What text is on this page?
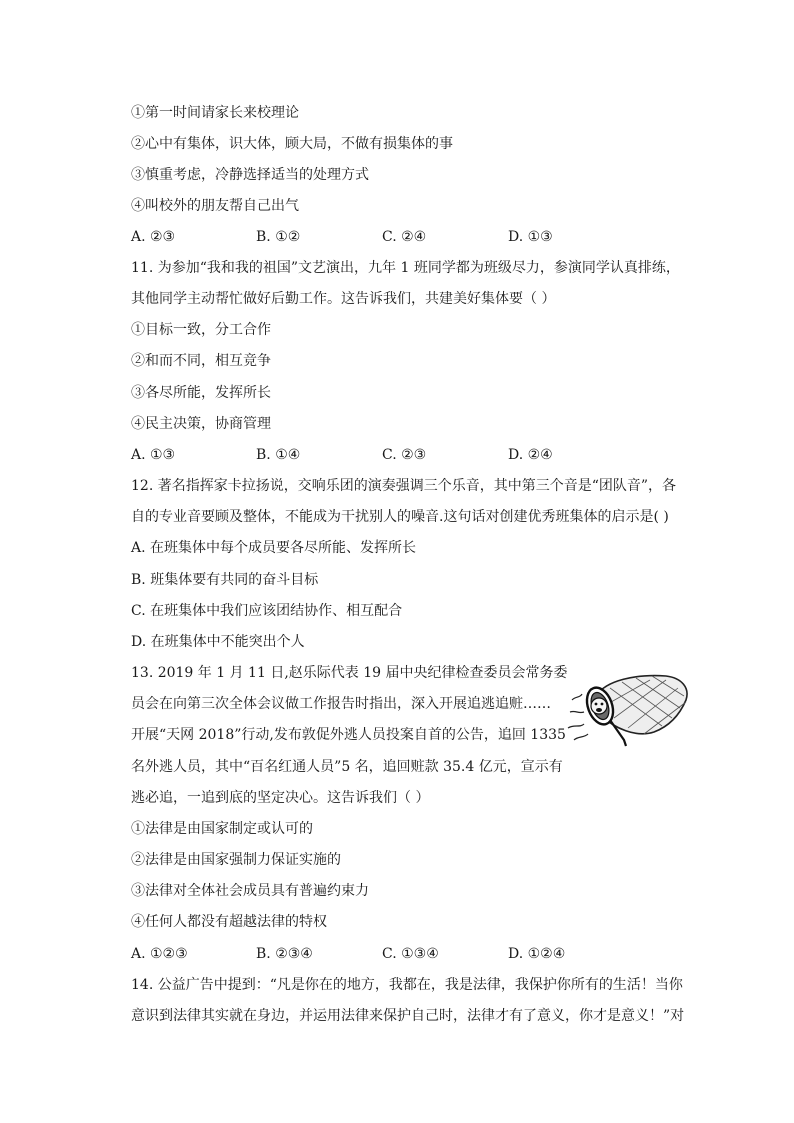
①第一时间请家长来校理论
②心中有集体，识大体，顾大局，不做有损集体的事
③慎重考虑，冷静选择适当的处理方式
④叫校外的朋友帮自己出气
A. ②③	B. ①②	C. ②④	D. ①③
11. 为参加“我和我的祖国”文艺演出，九年 1 班同学都为班级尽力，参演同学认真排练，
其他同学主动帮忙做好后勤工作。这告诉我们，共建美好集体要（ ）
①目标一致，分工合作
②和而不同，相互竞争
③各尽所能，发挥所长
④民主决策，协商管理
A. ①③	B. ①④	C. ②③	D. ②④
12. 著名指挥家卡拉扬说，交响乐团的演奏强调三个乐音，其中第三个音是“团队音”，各
自的专业音要顾及整体，不能成为干扰别人的噪音.这句话对创建优秀班集体的启示是( )
A. 在班集体中每个成员要各尽所能、发挥所长
B. 班集体要有共同的奋斗目标
C. 在班集体中我们应该团结协作、相互配合
D. 在班集体中不能突出个人
13. 2019 年 1 月 11 日,赵乐际代表 19 届中央纪律检查委员会常务委
员会在向第三次全体会议做工作报告时指出，深入开展追逃追赃……
开展“天网 2018”行动,发布敦促外逃人员投案自首的公告，追回 1335
名外逃人员，其中“百名红通人员”5 名，追回赃款 35.4 亿元，宣示有
逃必追，一追到底的坚定决心。这告诉我们（ ）
①法律是由国家制定或认可的
②法律是由国家强制力保证实施的
③法律对全体社会成员具有普遍约束力
④任何人都没有超越法律的特权
A. ①②③	B. ②③④	C. ①③④	D. ①②④
14. 公益广告中提到：“凡是你在的地方，我都在，我是法律，我保护你所有的生活！当你
意识到法律其实就在身边，并运用法律来保护自己时，法律才有了意义，你才是意义！”对
